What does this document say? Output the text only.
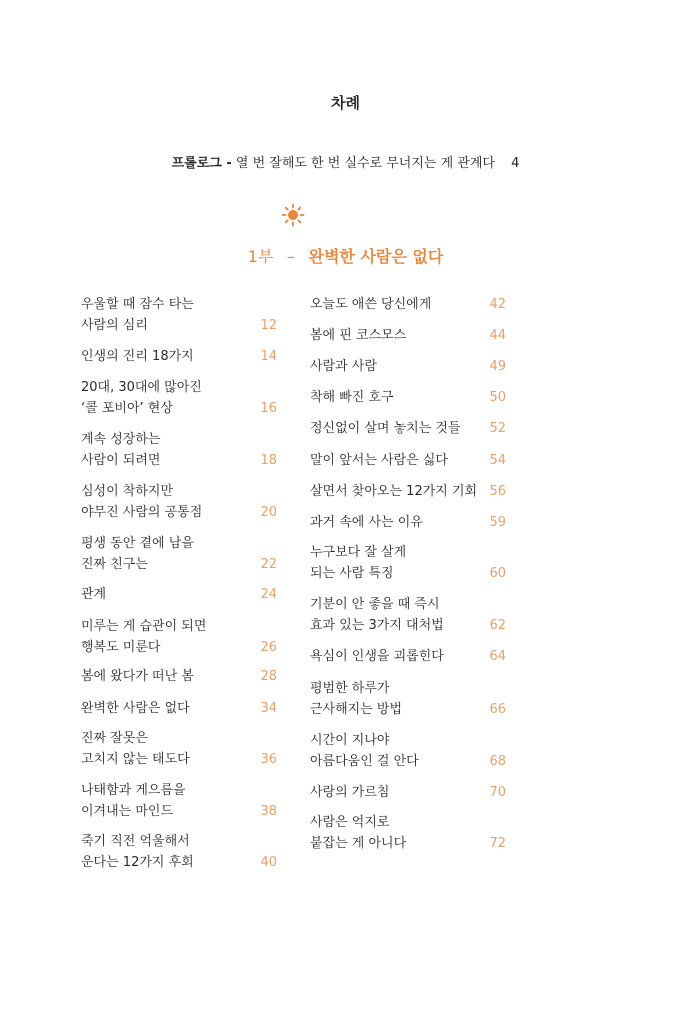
차례
프롤로그 - 열 번 잘해도 한 번 실수로 무너지는 게 관계다 4
1부 – 완벽한 사람은 없다
우울할 때 잠수 타는
사람의 심리	12
인생의 진리 18가지	14
20대, 30대에 많아진
‘콜 포비아’ 현상	16
계속 성장하는
사람이 되려면	18
심성이 착하지만
야무진 사람의 공통점	20
평생 동안 곁에 남을
진짜 친구는	22
관계	24
미루는 게 습관이 되면
행복도 미룬다	26
봄에 왔다가 떠난 봄	28
완벽한 사람은 없다	34
진짜 잘못은
고치지 않는 태도다	36
나태함과 게으름을
이겨내는 마인드	38
죽기 직전 억울해서
운다는 12가지 후회	40
오늘도 애쓴 당신에게	42
봄에 핀 코스모스	44
사람과 사람	49
착해 빠진 호구	50
정신없이 살며 놓치는 것들	52
말이 앞서는 사람은 싫다	54
살면서 찾아오는 12가지 기회 56
과거 속에 사는 이유	59
누구보다 잘 살게
되는 사람 특징	60
기분이 안 좋을 때 즉시
효과 있는 3가지 대처법	62
욕심이 인생을 괴롭힌다	64
평범한 하루가
근사해지는 방법	66
시간이 지나야
아름다움인 걸 안다	68
사랑의 가르침	70
사람은 억지로
붙잡는 게 아니다	72
